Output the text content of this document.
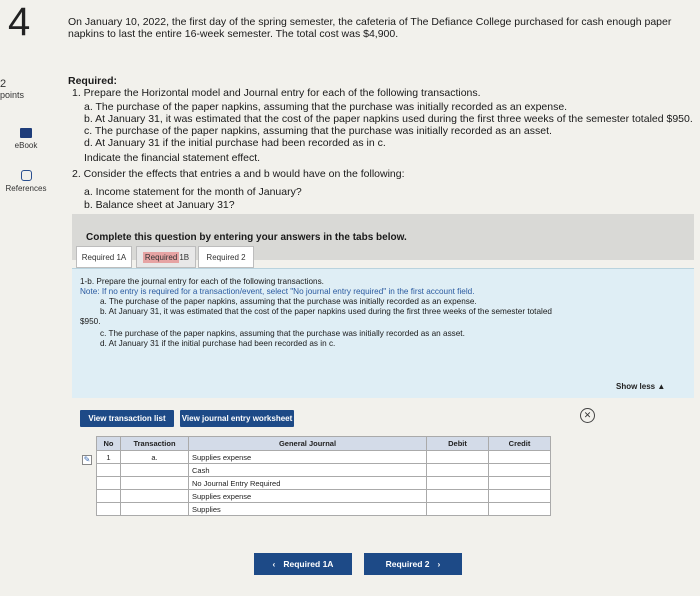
4
2
points
eBook
References
On January 10, 2022, the first day of the spring semester, the cafeteria of The Defiance College purchased for cash enough paper
napkins to last the entire 16-week semester. The total cost was $4,900.
Required:
1. Prepare the Horizontal model and Journal entry for each of the following transactions.
a. The purchase of the paper napkins, assuming that the purchase was initially recorded as an expense.
b. At January 31, it was estimated that the cost of the paper napkins used during the first three weeks of the semester totaled $950.
c. The purchase of the paper napkins, assuming that the purchase was initially recorded as an asset.
d. At January 31 if the initial purchase had been recorded as in c.
Indicate the financial statement effect.
2. Consider the effects that entries a and b would have on the following:
a. Income statement for the month of January?
b. Balance sheet at January 31?
Complete this question by entering your answers in the tabs below.
Required 1A Required 1B Required 2
1-b. Prepare the journal entry for each of the following transactions.
Note: If no entry is required for a transaction/event, select "No journal entry required" in the first account field.
a. The purchase of the paper napkins, assuming that the purchase was initially recorded as an expense.
b. At January 31, it was estimated that the cost of the paper napkins used during the first three weeks of the semester totaled
$950.
c. The purchase of the paper napkins, assuming that the purchase was initially recorded as an asset.
d. At January 31 if the initial purchase had been recorded as in c.
Show less ▲
View transaction list	View journal entry worksheet	✕
✎
No	Transaction	General Journal	Debit	Credit
1	a.	Supplies expense		
		Cash		
		No Journal Entry Required		
		Supplies expense		
		Supplies		
‹ Required 1A	Required 2 ›
